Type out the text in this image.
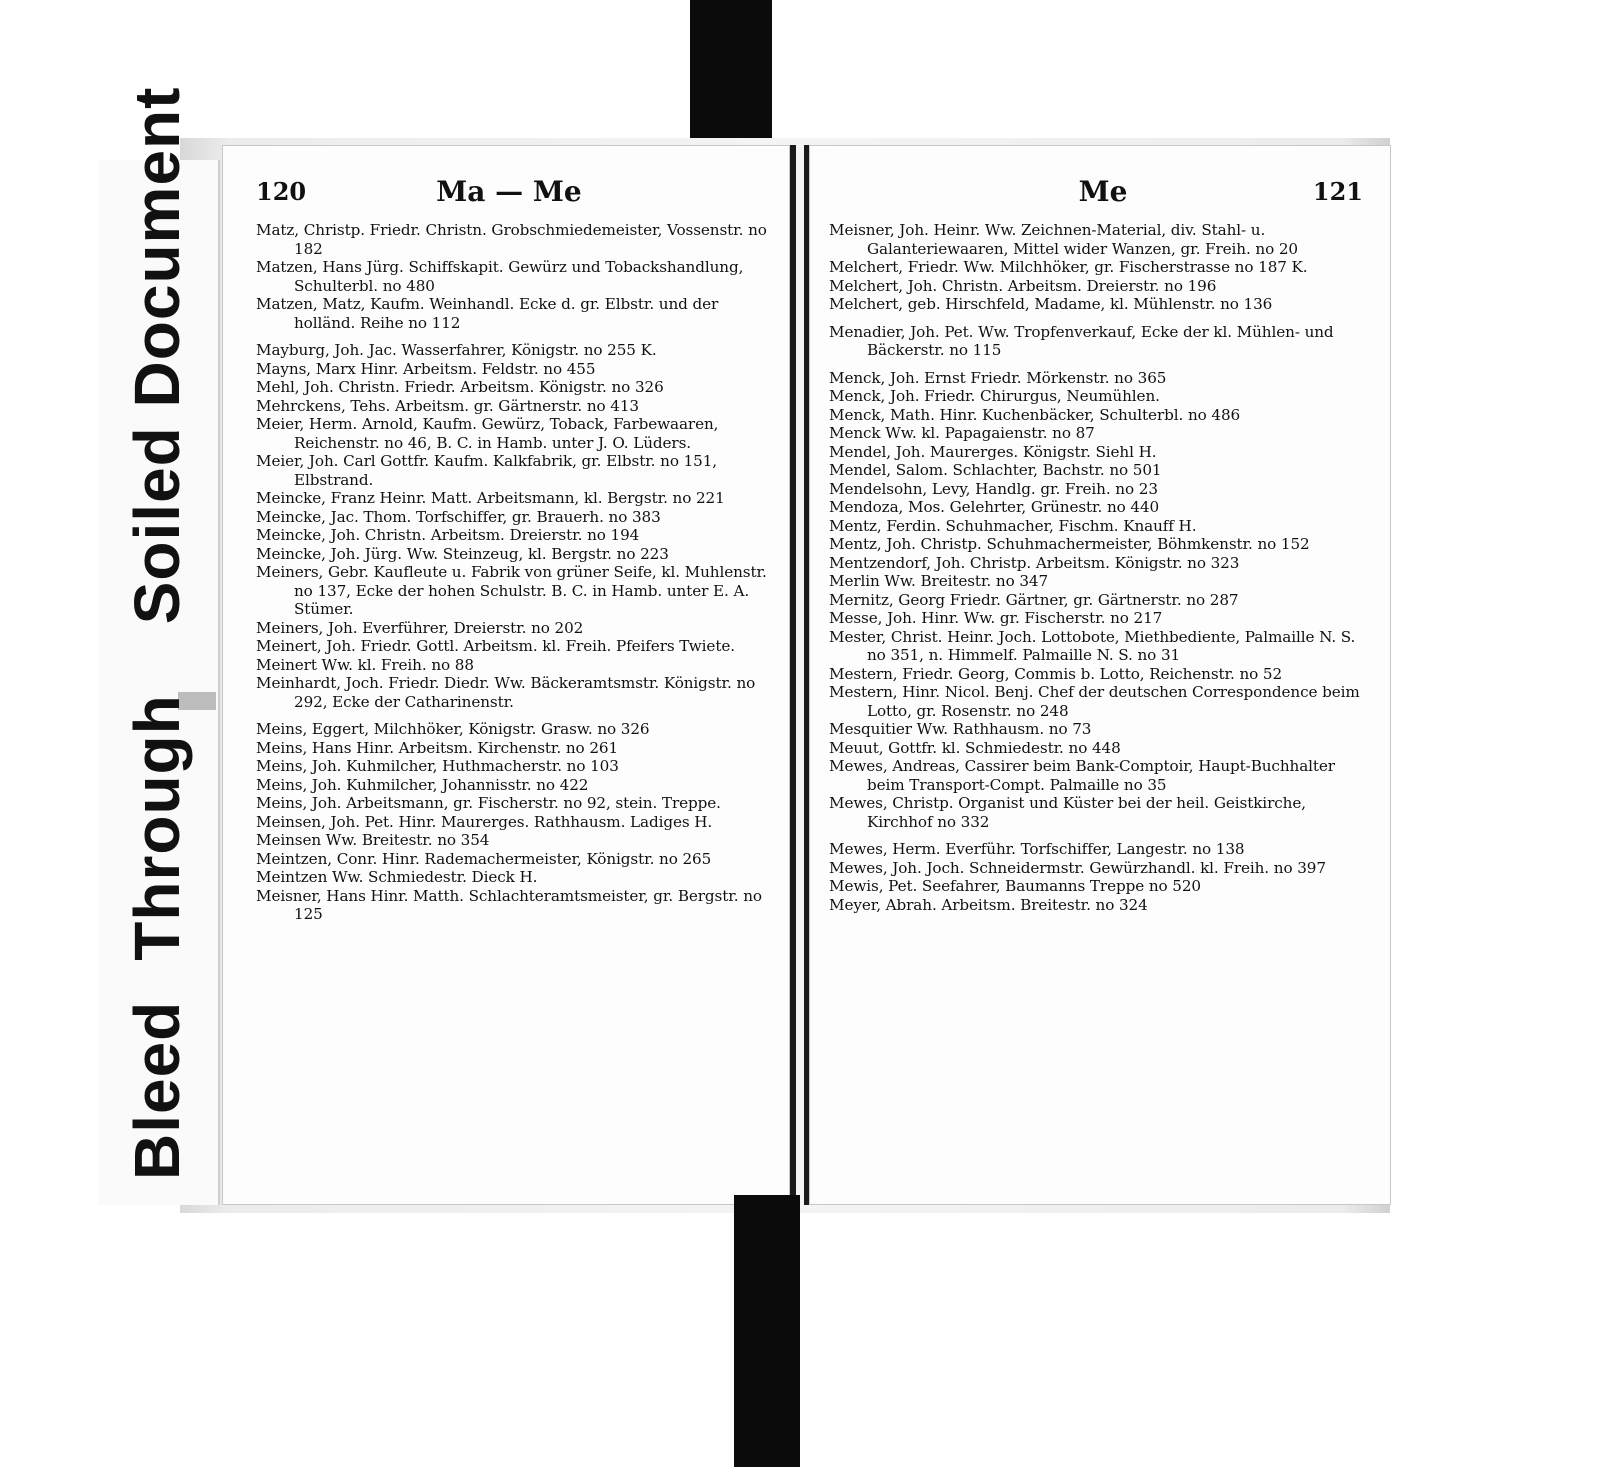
BleedThroughSoiled Document	120	Ma — Me
Matz, Christp. Friedr. Christn. Grobschmiedemeister, Vossenstr. no 182
Matzen, Hans Jürg. Schiffskapit. Gewürz und Tobackshandlung, Schulterbl. no 480
Matzen, Matz, Kaufm. Weinhandl. Ecke d. gr. Elbstr. und der holländ. Reihe no 112
Mayburg, Joh. Jac. Wasserfahrer, Königstr. no 255 K.
Mayns, Marx Hinr. Arbeitsm. Feldstr. no 455
Mehl, Joh. Christn. Friedr. Arbeitsm. Königstr. no 326
Mehrckens, Tehs. Arbeitsm. gr. Gärtnerstr. no 413
Meier, Herm. Arnold, Kaufm. Gewürz, Toback, Farbewaaren, Reichenstr. no 46, B. C. in Hamb. unter J. O. Lüders.
Meier, Joh. Carl Gottfr. Kaufm. Kalkfabrik, gr. Elbstr. no 151, Elbstrand.
Meincke, Franz Heinr. Matt. Arbeitsmann, kl. Bergstr. no 221
Meincke, Jac. Thom. Torfschiffer, gr. Brauerh. no 383
Meincke, Joh. Christn. Arbeitsm. Dreierstr. no 194
Meincke, Joh. Jürg. Ww. Steinzeug, kl. Bergstr. no 223
Meiners, Gebr. Kaufleute u. Fabrik von grüner Seife, kl. Muhlenstr. no 137, Ecke der hohen Schulstr. B. C. in Hamb. unter E. A. Stümer.
Meiners, Joh. Everführer, Dreierstr. no 202
Meinert, Joh. Friedr. Gottl. Arbeitsm. kl. Freih. Pfeifers Twiete.
Meinert Ww. kl. Freih. no 88
Meinhardt, Joch. Friedr. Diedr. Ww. Bäckeramtsmstr. Königstr. no 292, Ecke der Catharinenstr.
Meins, Eggert, Milchhöker, Königstr. Grasw. no 326
Meins, Hans Hinr. Arbeitsm. Kirchenstr. no 261
Meins, Joh. Kuhmilcher, Huthmacherstr. no 103
Meins, Joh. Kuhmilcher, Johannisstr. no 422
Meins, Joh. Arbeitsmann, gr. Fischerstr. no 92, stein. Treppe.
Meinsen, Joh. Pet. Hinr. Maurerges. Rathhausm. Ladiges H.
Meinsen Ww. Breitestr. no 354
Meintzen, Conr. Hinr. Rademachermeister, Königstr. no 265
Meintzen Ww. Schmiedestr. Dieck H.
Meisner, Hans Hinr. Matth. Schlachteramtsmeister, gr. Bergstr. no 125
Me	121
Meisner, Joh. Heinr. Ww. Zeichnen-Material, div. Stahl- u. Galanteriewaaren, Mittel wider Wanzen, gr. Freih. no 20
Melchert, Friedr. Ww. Milchhöker, gr. Fischerstrasse no 187 K.
Melchert, Joh. Christn. Arbeitsm. Dreierstr. no 196
Melchert, geb. Hirschfeld, Madame, kl. Mühlenstr. no 136
Menadier, Joh. Pet. Ww. Tropfenverkauf, Ecke der kl. Mühlen- und Bäckerstr. no 115
Menck, Joh. Ernst Friedr. Mörkenstr. no 365
Menck, Joh. Friedr. Chirurgus, Neumühlen.
Menck, Math. Hinr. Kuchenbäcker, Schulterbl. no 486
Menck Ww. kl. Papagaienstr. no 87
Mendel, Joh. Maurerges. Königstr. Siehl H.
Mendel, Salom. Schlachter, Bachstr. no 501
Mendelsohn, Levy, Handlg. gr. Freih. no 23
Mendoza, Mos. Gelehrter, Grünestr. no 440
Mentz, Ferdin. Schuhmacher, Fischm. Knauff H.
Mentz, Joh. Christp. Schuhmachermeister, Böhmkenstr. no 152
Mentzendorf, Joh. Christp. Arbeitsm. Königstr. no 323
Merlin Ww. Breitestr. no 347
Mernitz, Georg Friedr. Gärtner, gr. Gärtnerstr. no 287
Messe, Joh. Hinr. Ww. gr. Fischerstr. no 217
Mester, Christ. Heinr. Joch. Lottobote, Miethbediente, Palmaille N. S. no 351, n. Himmelf. Palmaille N. S. no 31
Mestern, Friedr. Georg, Commis b. Lotto, Reichenstr. no 52
Mestern, Hinr. Nicol. Benj. Chef der deutschen Correspondence beim Lotto, gr. Rosenstr. no 248
Mesquitier Ww. Rathhausm. no 73
Meuut, Gottfr. kl. Schmiedestr. no 448
Mewes, Andreas, Cassirer beim Bank-Comptoir, Haupt-Buchhalter beim Transport-Compt. Palmaille no 35
Mewes, Christp. Organist und Küster bei der heil. Geistkirche, Kirchhof no 332
Mewes, Herm. Everführ. Torfschiffer, Langestr. no 138
Mewes, Joh. Joch. Schneidermstr. Gewürzhandl. kl. Freih. no 397
Mewis, Pet. Seefahrer, Baumanns Treppe no 520
Meyer, Abrah. Arbeitsm. Breitestr. no 324
